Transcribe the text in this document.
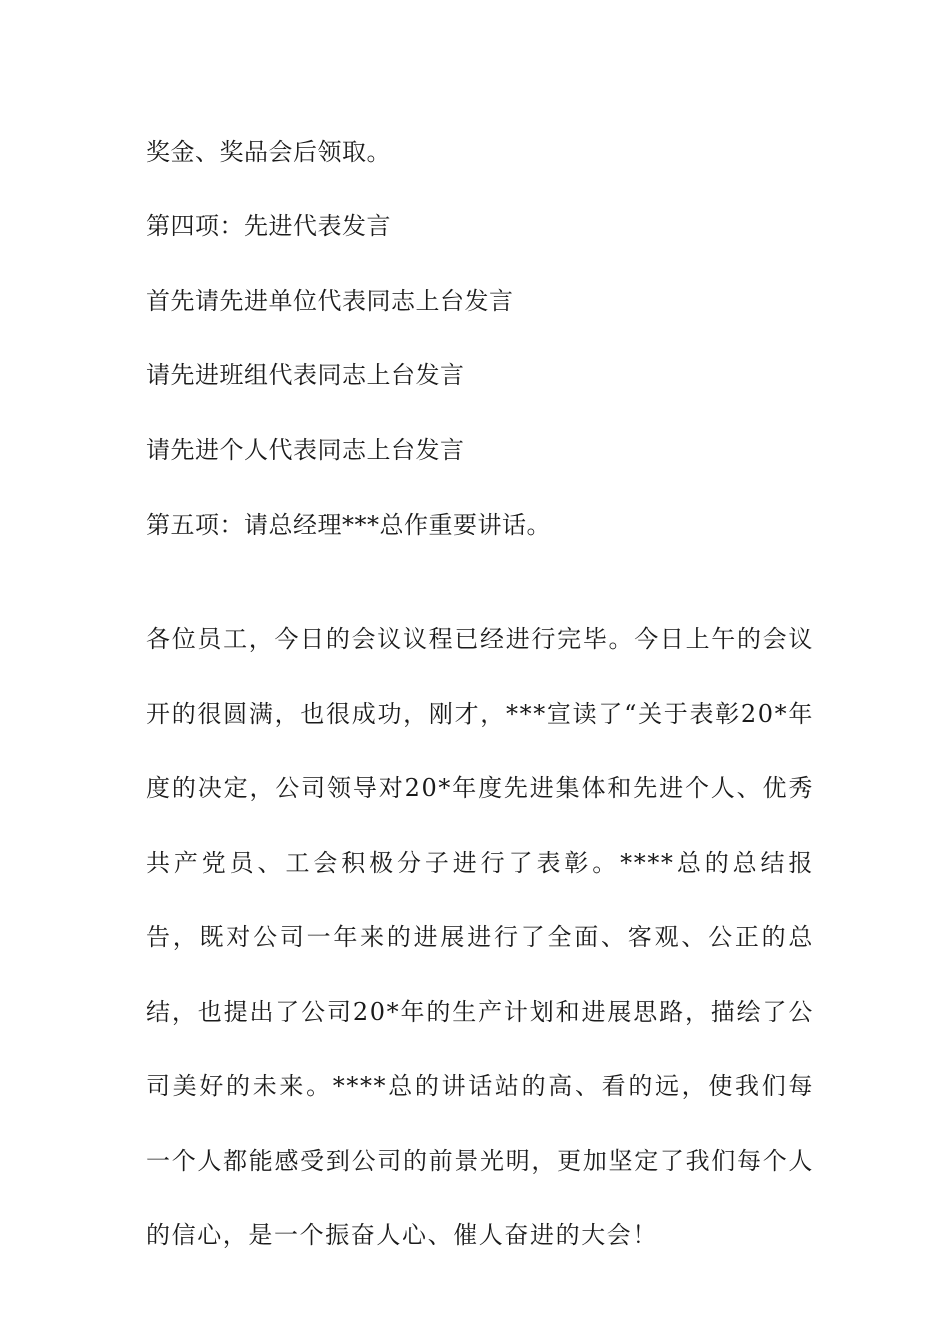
奖金、奖品会后领取。
第四项：先进代表发言
首先请先进单位代表同志上台发言
请先进班组代表同志上台发言
请先进个人代表同志上台发言
第五项：请总经理***总作重要讲话。
各位员工，今日的会议议程已经进行完毕。今日上午的会议开的很圆满，也很成功，刚才，***宣读了“关于表彰20*年度的决定，公司领导对20*年度先进集体和先进个人、优秀共产党员、工会积极分子进行了表彰。****总的总结报告，既对公司一年来的进展进行了全面、客观、公正的总结，也提出了公司20*年的生产计划和进展思路，描绘了公司美好的未来。****总的讲话站的高、看的远，使我们每一个人都能感受到公司的前景光明，更加坚定了我们每个人的信心，是一个振奋人心、催人奋进的大会！
